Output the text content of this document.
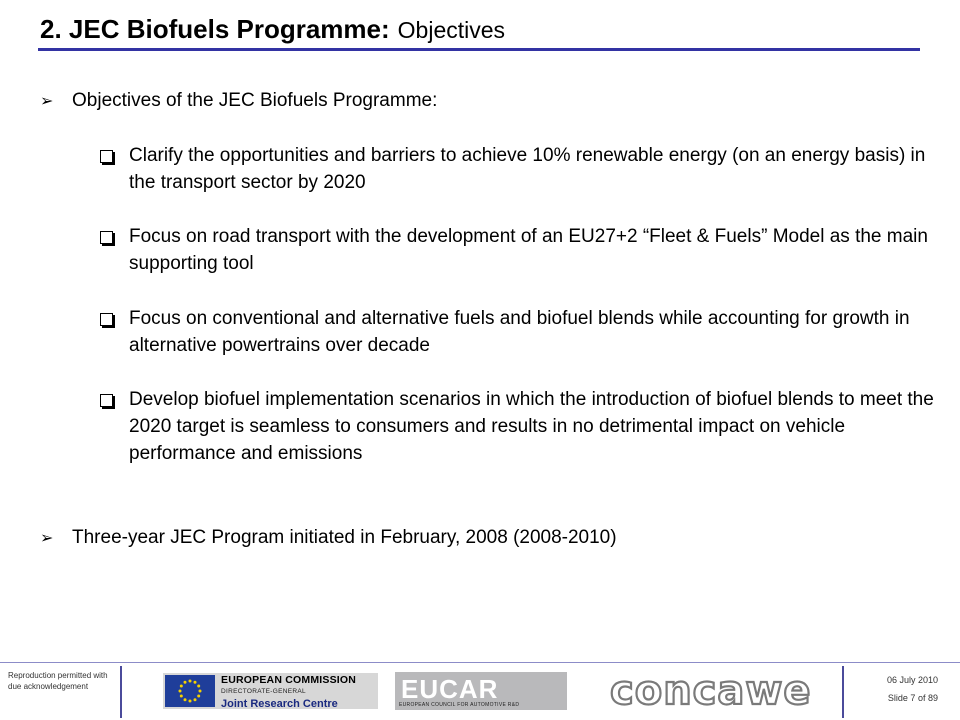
2. JEC Biofuels Programme: Objectives
➢ Objectives of the JEC Biofuels Programme:
Clarify the opportunities and barriers to achieve 10% renewable energy (on an energy basis) in the transport sector by 2020
Focus on road transport with the development of an EU27+2 “Fleet & Fuels” Model as the main supporting tool
Focus on conventional and alternative fuels and biofuel blends while accounting for growth in alternative powertrains over decade
Develop biofuel implementation scenarios in which the introduction of biofuel blends to meet the 2020 target is seamless to consumers and results in no detrimental impact on vehicle performance and emissions
➢ Three-year JEC Program initiated in February, 2008 (2008-2010)
Reproduction permitted with due acknowledgement
EUROPEAN COMMISSION
DIRECTORATE-GENERAL
Joint Research Centre	EUCAR
EUROPEAN COUNCIL FOR AUTOMOTIVE R&D concawe	06 July 2010
Slide 7 of 89
